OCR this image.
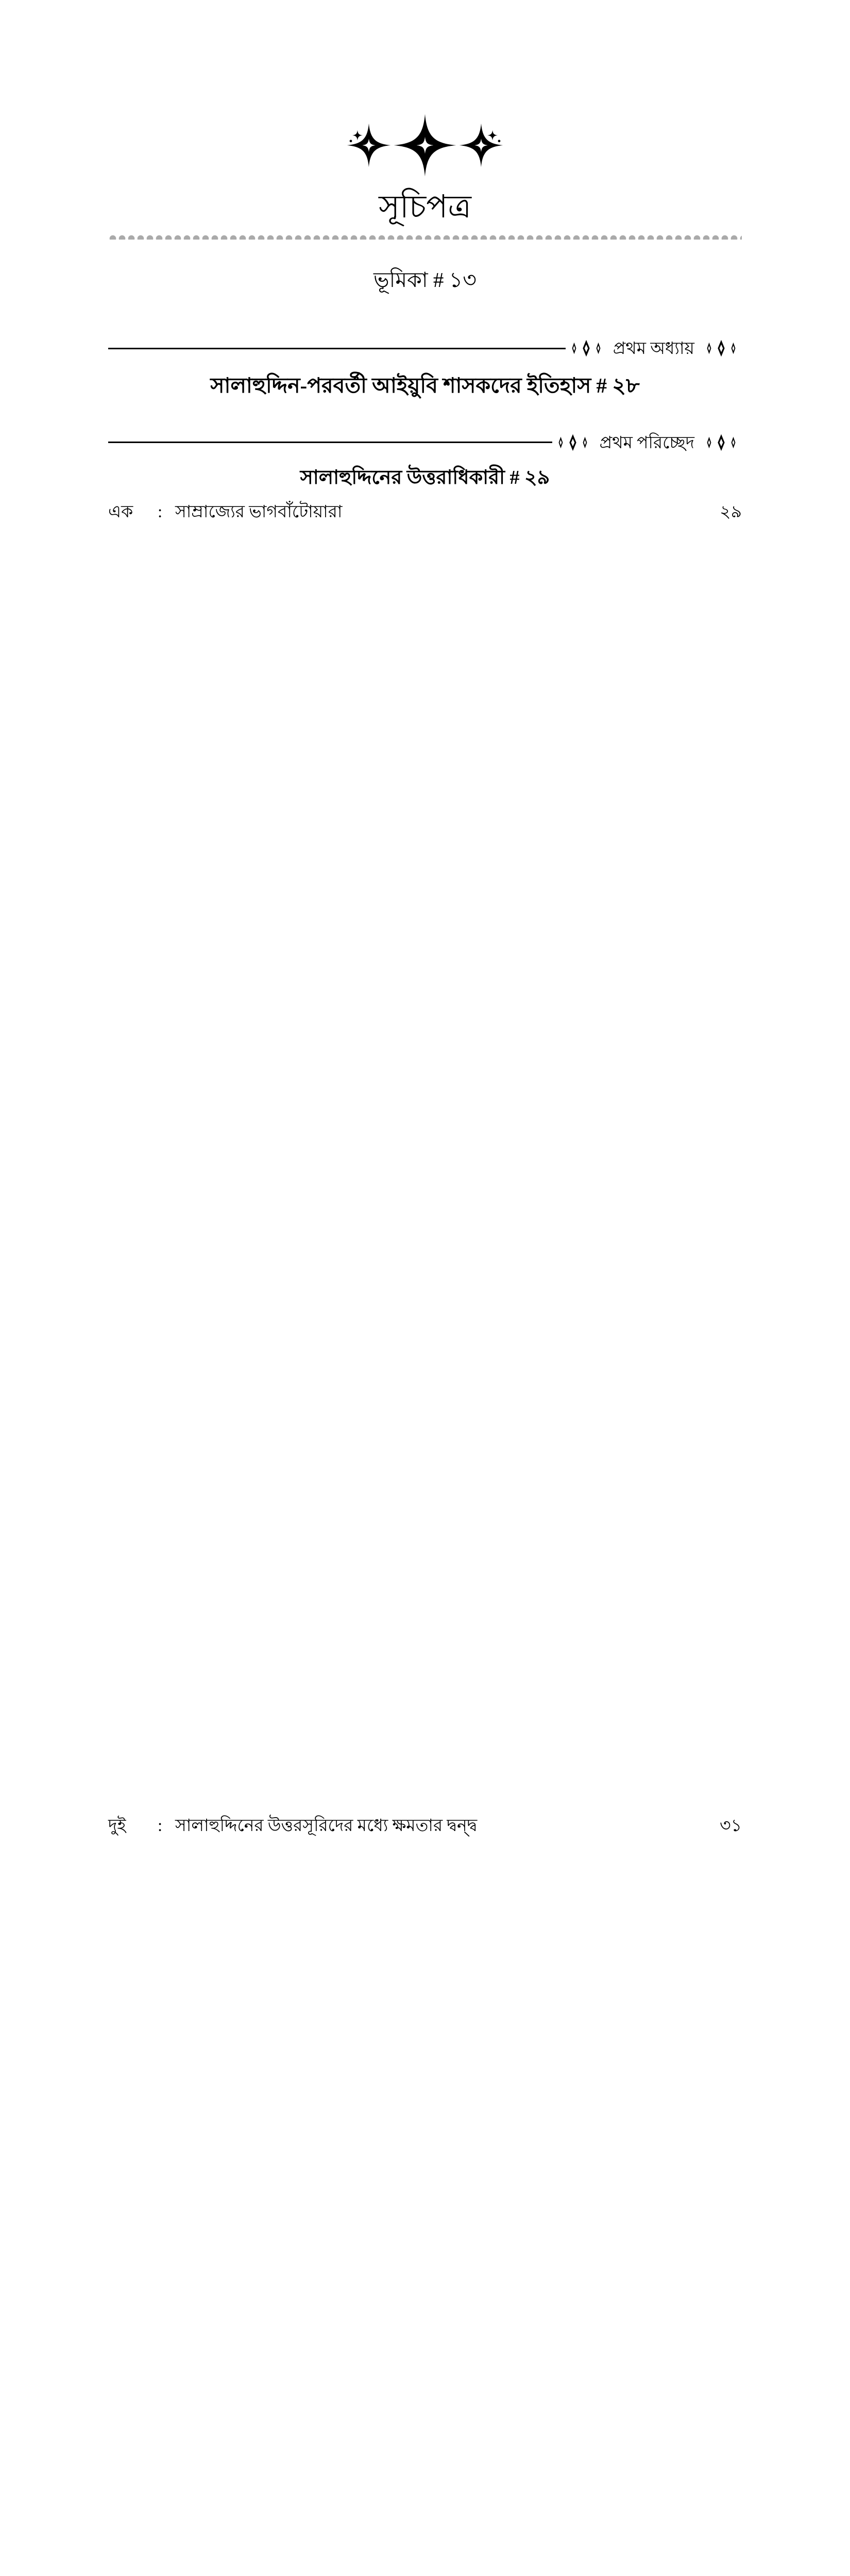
সূচিপত্র
ভূমিকা # ১৩
প্রথম অধ্যায়
সালাহুদ্দিন-পরবর্তী আইয়ুবি শাসকদের ইতিহাস # ২৮
প্রথম পরিচ্ছেদ
সালাহুদ্দিনের উত্তরাধিকারী # ২৯
এক	:	সাম্রাজ্যের ভাগবাঁটোয়ারা	২৯
দুই	:	সালাহুদ্দিনের উত্তরসূরিদের মধ্যে ক্ষমতার দ্বন্দ্ব	৩১
